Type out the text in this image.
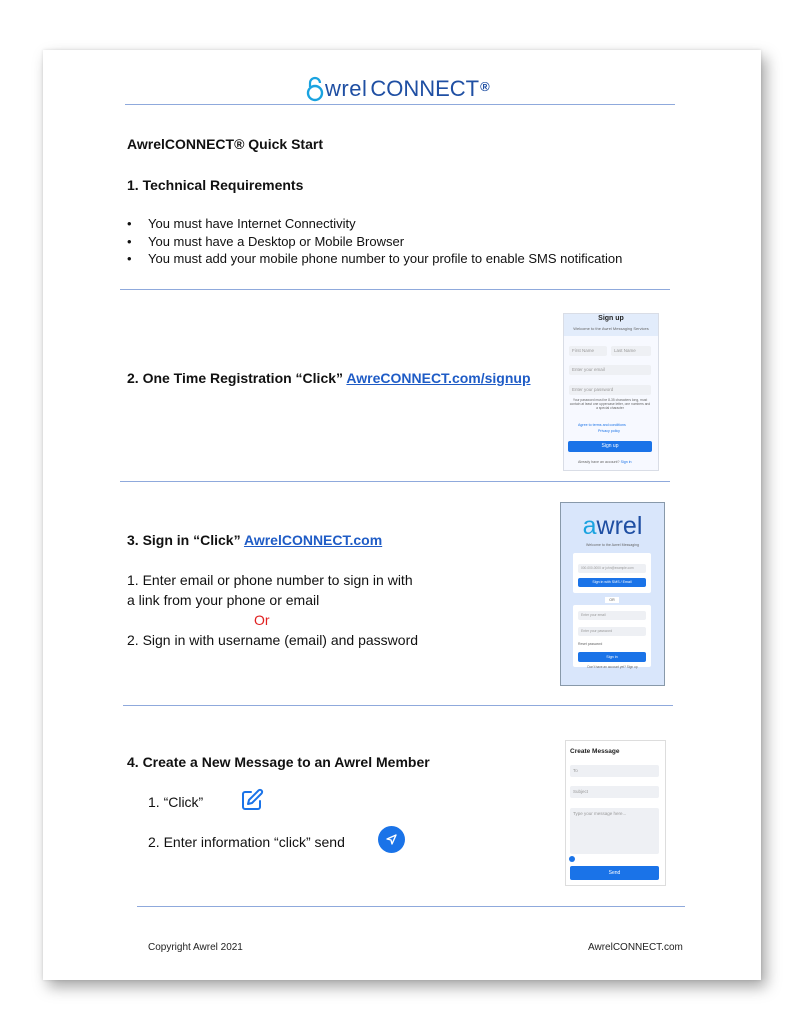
wrel CONNECT ®
AwrelCONNECT® Quick Start
1. Technical Requirements
• You must have Internet Connectivity
• You must have a Desktop or Mobile Browser
• You must add your mobile phone number to your profile to enable SMS notification
2. One Time Registration “Click” AwreCONNECT.com/signup
Sign up
Welcome to the Awrel Messaging Services
First Name	Last Name
Enter your email
Enter your password
Your password must be 8-35 characters long, must contain at least one uppercase letter, one numbers and a special character
Agree to terms and conditions
Privacy policy
Sign up
Already have an account? Sign in
3. Sign in “Click” AwrelCONNECT.com
1. Enter email or phone number to sign in with
a link from your phone or email
Or
2. Sign in with username (email) and password
awrel
Welcome to the Awrel Messaging
000-000-0000 or john@example.com
Sign in with SMS / Email
OR
Enter your email
Enter your password
Reset password
Sign in
Don't have an account yet? Sign up
4. Create a New Message to an Awrel Member
1. “Click”
2. Enter information “click” send
Create Message
To
Subject
Type your message here...
Send
Copyright Awrel 2021	AwrelCONNECT.com
